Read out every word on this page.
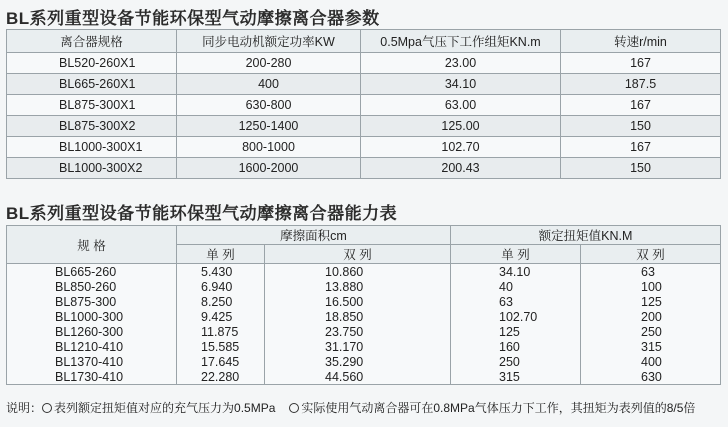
BL系列重型设备节能环保型气动摩擦离合器参数
离合器规格	同步电动机额定功率KW	0.5Mpa气压下工作组矩KN.m	转速r/min
BL520-260X1	200-280	23.00	167
BL665-260X1	400	34.10	187.5
BL875-300X1	630-800	63.00	167
BL875-300X2	1250-1400	125.00	150
BL1000-300X1	800-1000	102.70	167
BL1000-300X2	1600-2000	200.43	150
BL系列重型设备节能环保型气动摩擦离合器能力表
规 格	摩擦面积cm		额定扭矩值KN.M	
	单 列	双 列	单 列	双 列
BL665-260	5.430	10.860	34.10	63
BL850-260	6.940	13.880	40	100
BL875-300	8.250	16.500	63	125
BL1000-300	9.425	18.850	102.70	200
BL1260-300	11.875	23.750	125	250
BL1210-410	15.585	31.170	160	315
BL1370-410	17.645	35.290	250	400
BL1730-410	22.280	44.560	315	630
说明： 表列额定扭矩值对应的充气压力为0.5MPa 实际使用气动离合器可在0.8MPa气体压力下工作，其扭矩为表列值的8/5倍
